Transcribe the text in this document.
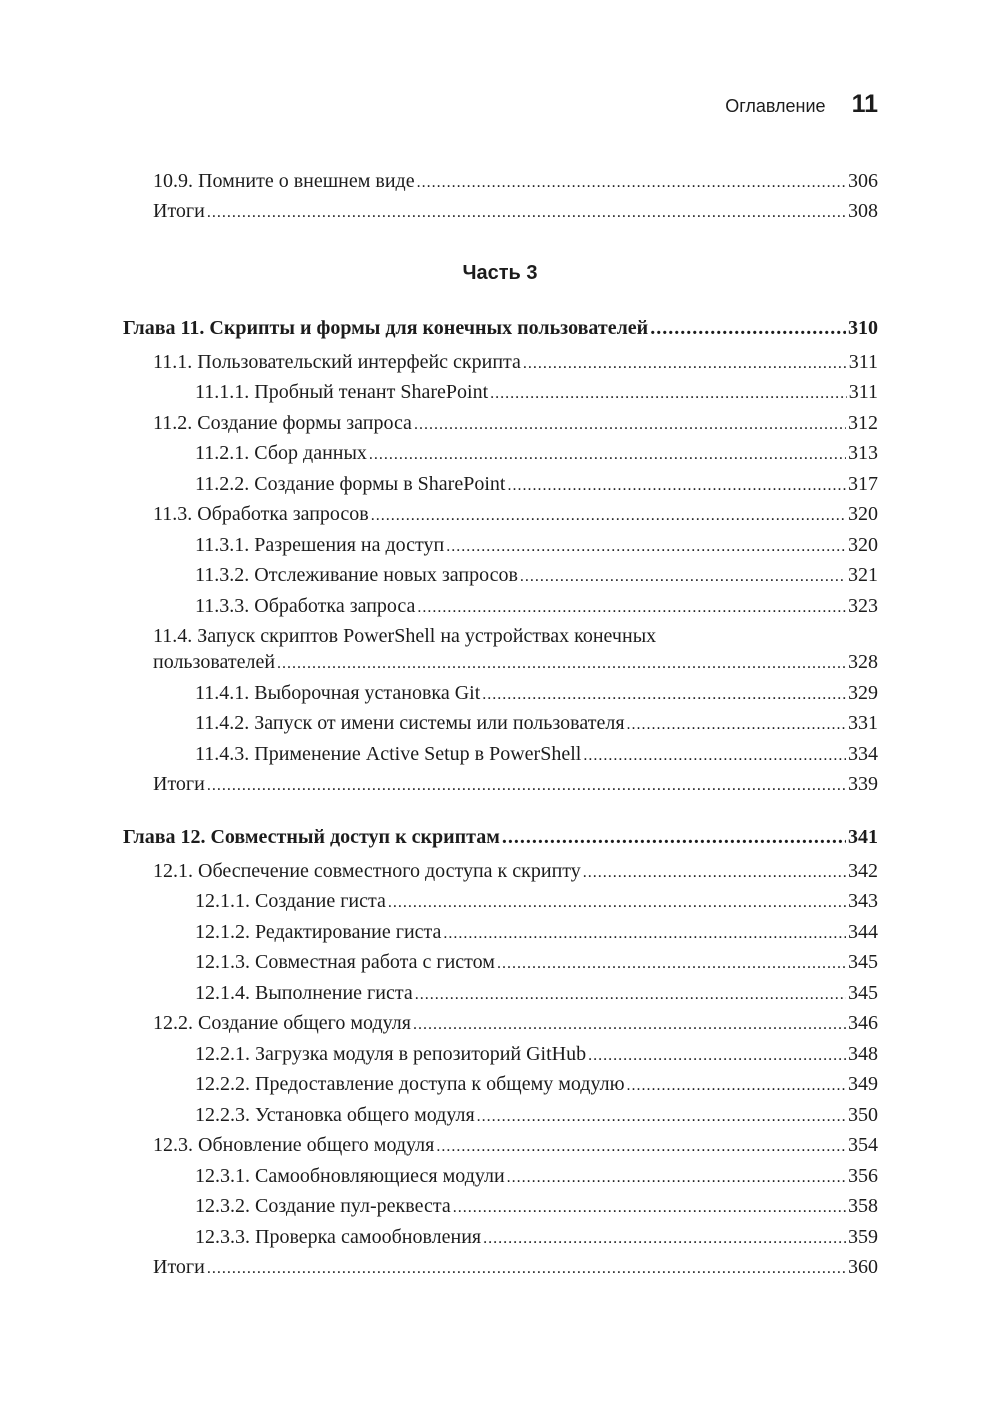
Оглавление 11
10.9. Помните о внешнем виде .....	306
Итоги .....	308
Часть 3
Глава 11. Скрипты и формы для конечных пользователей .....	310
11.1. Пользовательский интерфейс скрипта .....	311
11.1.1. Пробный тенант SharePoint .....	311
11.2. Создание формы запроса .....	312
11.2.1. Сбор данных .....	313
11.2.2. Создание формы в SharePoint .....	317
11.3. Обработка запросов .....	320
11.3.1. Разрешения на доступ .....	320
11.3.2. Отслеживание новых запросов .....	321
11.3.3. Обработка запроса .....	323
11.4. Запуск скриптов PowerShell на устройствах конечных
пользователей .....	328
11.4.1. Выборочная установка Git .....	329
11.4.2. Запуск от имени системы или пользователя .....	331
11.4.3. Применение Active Setup в PowerShell .....	334
Итоги .....	339
Глава 12. Совместный доступ к скриптам .....	341
12.1. Обеспечение совместного доступа к скрипту .....	342
12.1.1. Создание гиста .....	343
12.1.2. Редактирование гиста .....	344
12.1.3. Совместная работа с гистом .....	345
12.1.4. Выполнение гиста .....	345
12.2. Создание общего модуля .....	346
12.2.1. Загрузка модуля в репозиторий GitHub .....	348
12.2.2. Предоставление доступа к общему модулю .....	349
12.2.3. Установка общего модуля .....	350
12.3. Обновление общего модуля .....	354
12.3.1. Самообновляющиеся модули .....	356
12.3.2. Создание пул-реквеста .....	358
12.3.3. Проверка самообновления .....	359
Итоги .....	360
